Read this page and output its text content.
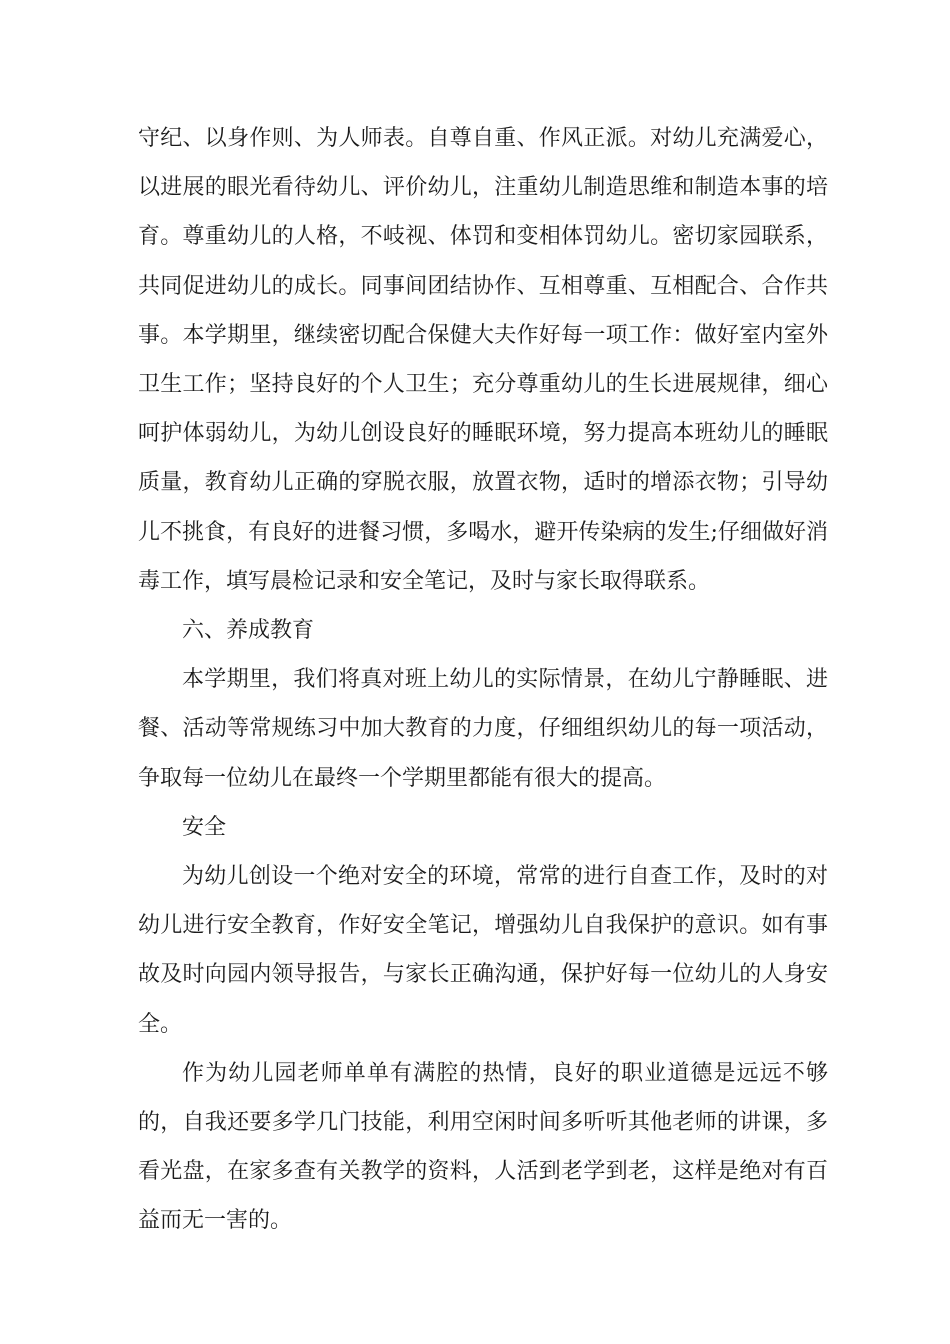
守纪、以身作则、为人师表。自尊自重、作风正派。对幼儿充满爱心，以进展的眼光看待幼儿、评价幼儿，注重幼儿制造思维和制造本事的培育。尊重幼儿的人格，不岐视、体罚和变相体罚幼儿。密切家园联系，共同促进幼儿的成长。同事间团结协作、互相尊重、互相配合、合作共事。本学期里，继续密切配合保健大夫作好每一项工作：做好室内室外卫生工作；坚持良好的个人卫生；充分尊重幼儿的生长进展规律，细心呵护体弱幼儿，为幼儿创设良好的睡眠环境，努力提高本班幼儿的睡眠质量，教育幼儿正确的穿脱衣服，放置衣物，适时的增添衣物；引导幼儿不挑食，有良好的进餐习惯，多喝水，避开传染病的发生;仔细做好消毒工作，填写晨检记录和安全笔记，及时与家长取得联系。

六、养成教育

本学期里，我们将真对班上幼儿的实际情景，在幼儿宁静睡眠、进餐、活动等常规练习中加大教育的力度，仔细组织幼儿的每一项活动，争取每一位幼儿在最终一个学期里都能有很大的提高。

安全

为幼儿创设一个绝对安全的环境，常常的进行自查工作，及时的对幼儿进行安全教育，作好安全笔记，增强幼儿自我保护的意识。如有事故及时向园内领导报告，与家长正确沟通，保护好每一位幼儿的人身安全。

作为幼儿园老师单单有满腔的热情，良好的职业道德是远远不够的，自我还要多学几门技能，利用空闲时间多听听其他老师的讲课，多看光盘，在家多查有关教学的资料，人活到老学到老，这样是绝对有百益而无一害的。
